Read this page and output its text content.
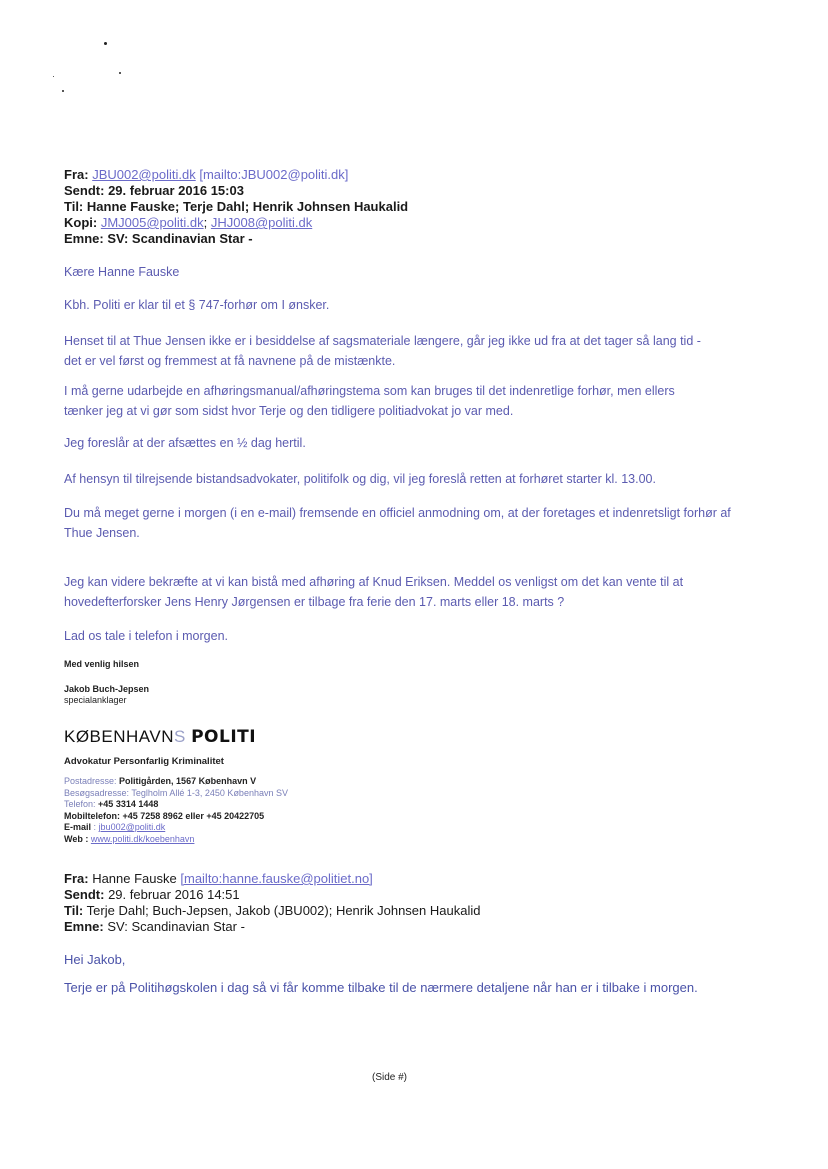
Fra: JBU002@politi.dk [mailto:JBU002@politi.dk]
Sendt: 29. februar 2016 15:03
Til: Hanne Fauske; Terje Dahl; Henrik Johnsen Haukalid
Kopi: JMJ005@politi.dk; JHJ008@politi.dk
Emne: SV: Scandinavian Star -
Kære Hanne Fauske
Kbh. Politi er klar til et § 747-forhør om I ønsker.
Henset til at Thue Jensen ikke er i besiddelse af sagsmateriale længere, går jeg ikke ud fra at det tager så lang tid - det er vel først og fremmest at få navnene på de mistænkte.
I må gerne udarbejde en afhøringsmanual/afhøringstema som kan bruges til det indenretlige forhør, men ellers tænker jeg at vi gør som sidst hvor Terje og den tidligere politiadvokat jo var med.
Jeg foreslår at der afsættes en ½ dag hertil.
Af hensyn til tilrejsende bistandsadvokater, politifolk og dig, vil jeg foreslå retten at forhøret starter kl. 13.00.
Du må meget gerne i morgen (i en e-mail) fremsende en officiel anmodning om, at der foretages et indenretsligt forhør af Thue Jensen.
Jeg kan videre bekræfte at vi kan bistå med afhøring af Knud Eriksen. Meddel os venligst om det kan vente til at hovedefterforsker Jens Henry Jørgensen er tilbage fra ferie den 17. marts eller 18. marts ?
Lad os tale i telefon i morgen.
Med venlig hilsen
Jakob Buch-Jepsen
specialanklager
KØBENHAVNS POLITI
Advokatur Personfarlig Kriminalitet
Postadresse: Politigården, 1567 København V
Besøgsadresse: Teglholm Allé 1-3, 2450 København SV
Telefon: +45 3314 1448
Mobiltelefon: +45 7258 8962 eller +45 20422705
E-mail : jbu002@politi.dk
Web : www.politi.dk/koebenhavn
Fra: Hanne Fauske [mailto:hanne.fauske@politiet.no]
Sendt: 29. februar 2016 14:51
Til: Terje Dahl; Buch-Jepsen, Jakob (JBU002); Henrik Johnsen Haukalid
Emne: SV: Scandinavian Star -
Hei Jakob,
Terje er på Politihøgskolen i dag så vi får komme tilbake til de nærmere detaljene når han er i tilbake i morgen.
(Side #)
